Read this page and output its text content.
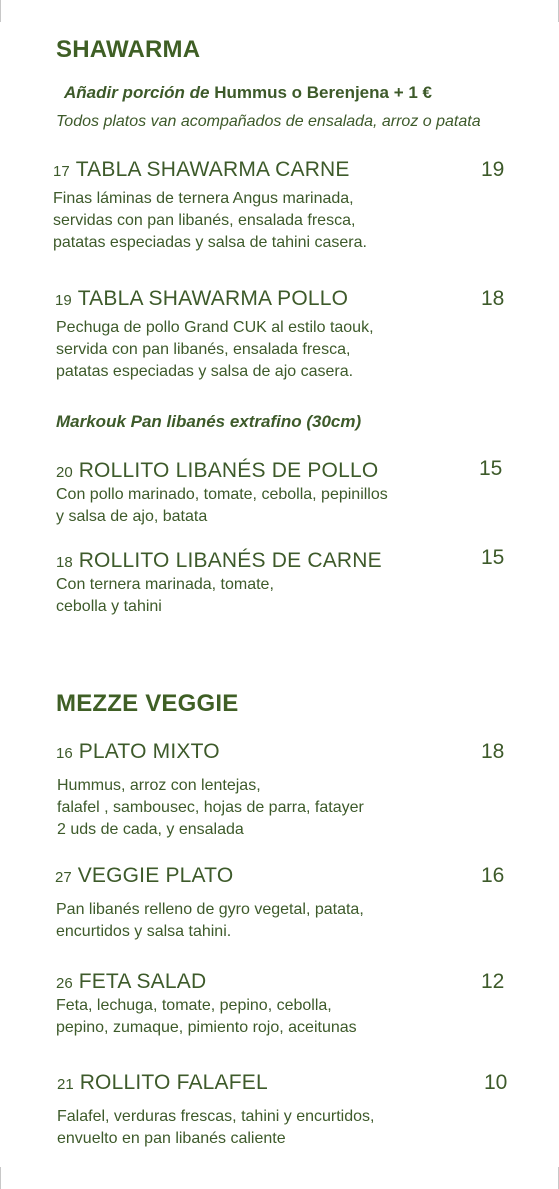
SHAWARMA
Añadir porción de Hummus o Berenjena + 1 €
Todos platos van acompañados de ensalada, arroz o patata
17 TABLA SHAWARMA CARNE	19
Finas láminas de ternera Angus marinada,
servidas con pan libanés, ensalada fresca,
patatas especiadas y salsa de tahini casera.
19 TABLA SHAWARMA POLLO	18
Pechuga de pollo Grand CUK al estilo taouk,
servida con pan libanés, ensalada fresca,
patatas especiadas y salsa de ajo casera.
Markouk Pan libanés extrafino (30cm)
20 ROLLITO LIBANÉS DE POLLO	15
Con pollo marinado, tomate, cebolla, pepinillos
y salsa de ajo, batata
18 ROLLITO LIBANÉS DE CARNE	15
Con ternera marinada, tomate,
cebolla y tahini
MEZZE VEGGIE
16 PLATO MIXTO	18
Hummus, arroz con lentejas,
falafel , sambousec, hojas de parra, fatayer
2 uds de cada, y ensalada
27 VEGGIE PLATO	16
Pan libanés relleno de gyro vegetal, patata,
encurtidos y salsa tahini.
26 FETA SALAD	12
Feta, lechuga, tomate, pepino, cebolla,
pepino, zumaque, pimiento rojo, aceitunas
21 ROLLITO FALAFEL	10
Falafel, verduras frescas, tahini y encurtidos,
envuelto en pan libanés caliente
